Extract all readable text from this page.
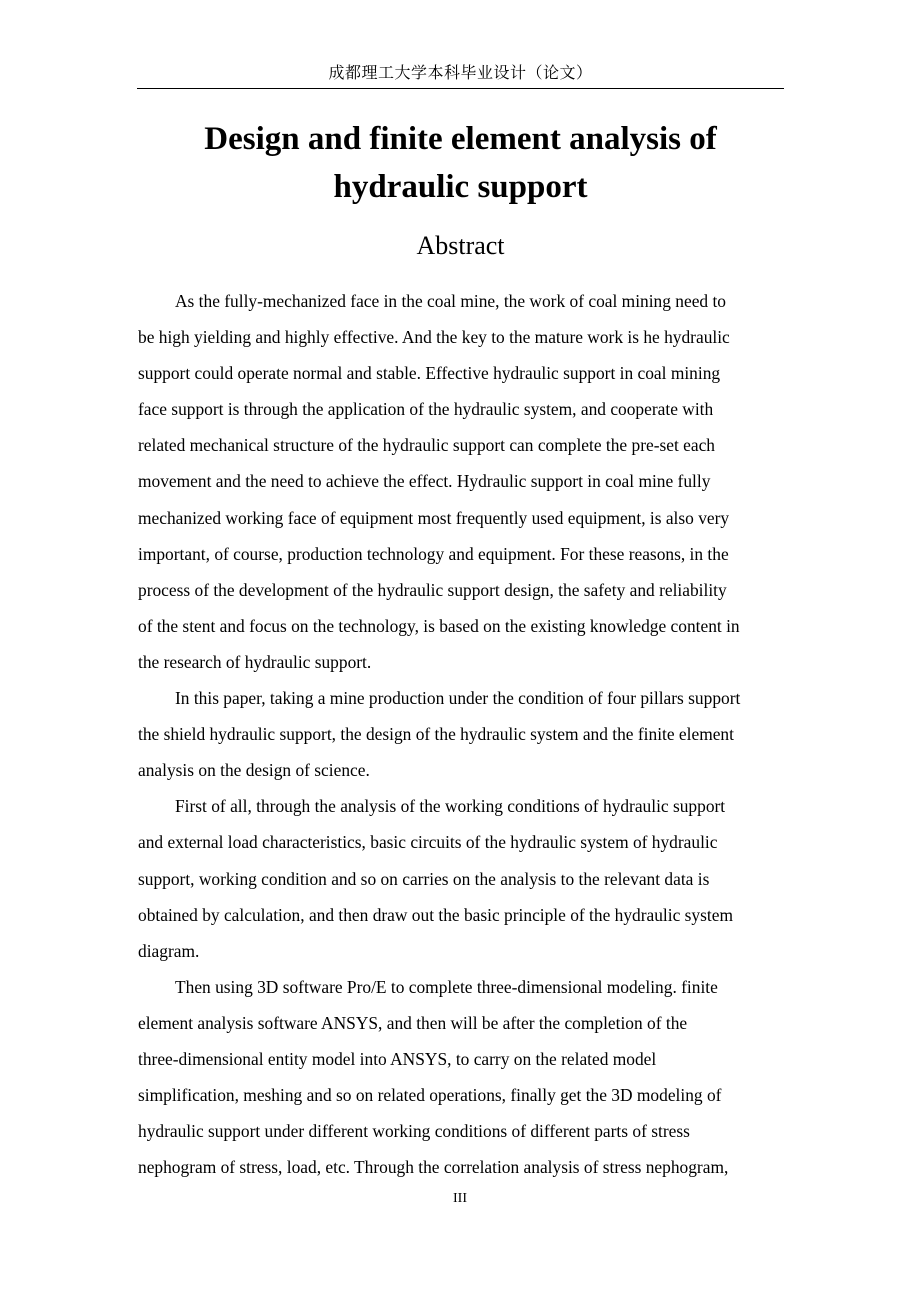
成都理工大学本科毕业设计（论文）
Design and finite element analysis of
hydraulic support
Abstract
As the fully-mechanized face in the coal mine, the work of coal mining need to
be high yielding and highly effective. And the key to the mature work is he hydraulic
support could operate normal and stable. Effective hydraulic support in coal mining
face support is through the application of the hydraulic system, and cooperate with
related mechanical structure of the hydraulic support can complete the pre-set each
movement and the need to achieve the effect. Hydraulic support in coal mine fully
mechanized working face of equipment most frequently used equipment, is also very
important, of course, production technology and equipment. For these reasons, in the
process of the development of the hydraulic support design, the safety and reliability
of the stent and focus on the technology, is based on the existing knowledge content in
the research of hydraulic support.
In this paper, taking a mine production under the condition of four pillars support
the shield hydraulic support, the design of the hydraulic system and the finite element
analysis on the design of science.
First of all, through the analysis of the working conditions of hydraulic support
and external load characteristics, basic circuits of the hydraulic system of hydraulic
support, working condition and so on carries on the analysis to the relevant data is
obtained by calculation, and then draw out the basic principle of the hydraulic system
diagram.
Then using 3D software Pro/E to complete three-dimensional modeling. finite
element analysis software ANSYS, and then will be after the completion of the
three-dimensional entity model into ANSYS, to carry on the related model
simplification, meshing and so on related operations, finally get the 3D modeling of
hydraulic support under different working conditions of different parts of stress
nephogram of stress, load, etc. Through the correlation analysis of stress nephogram,
III
